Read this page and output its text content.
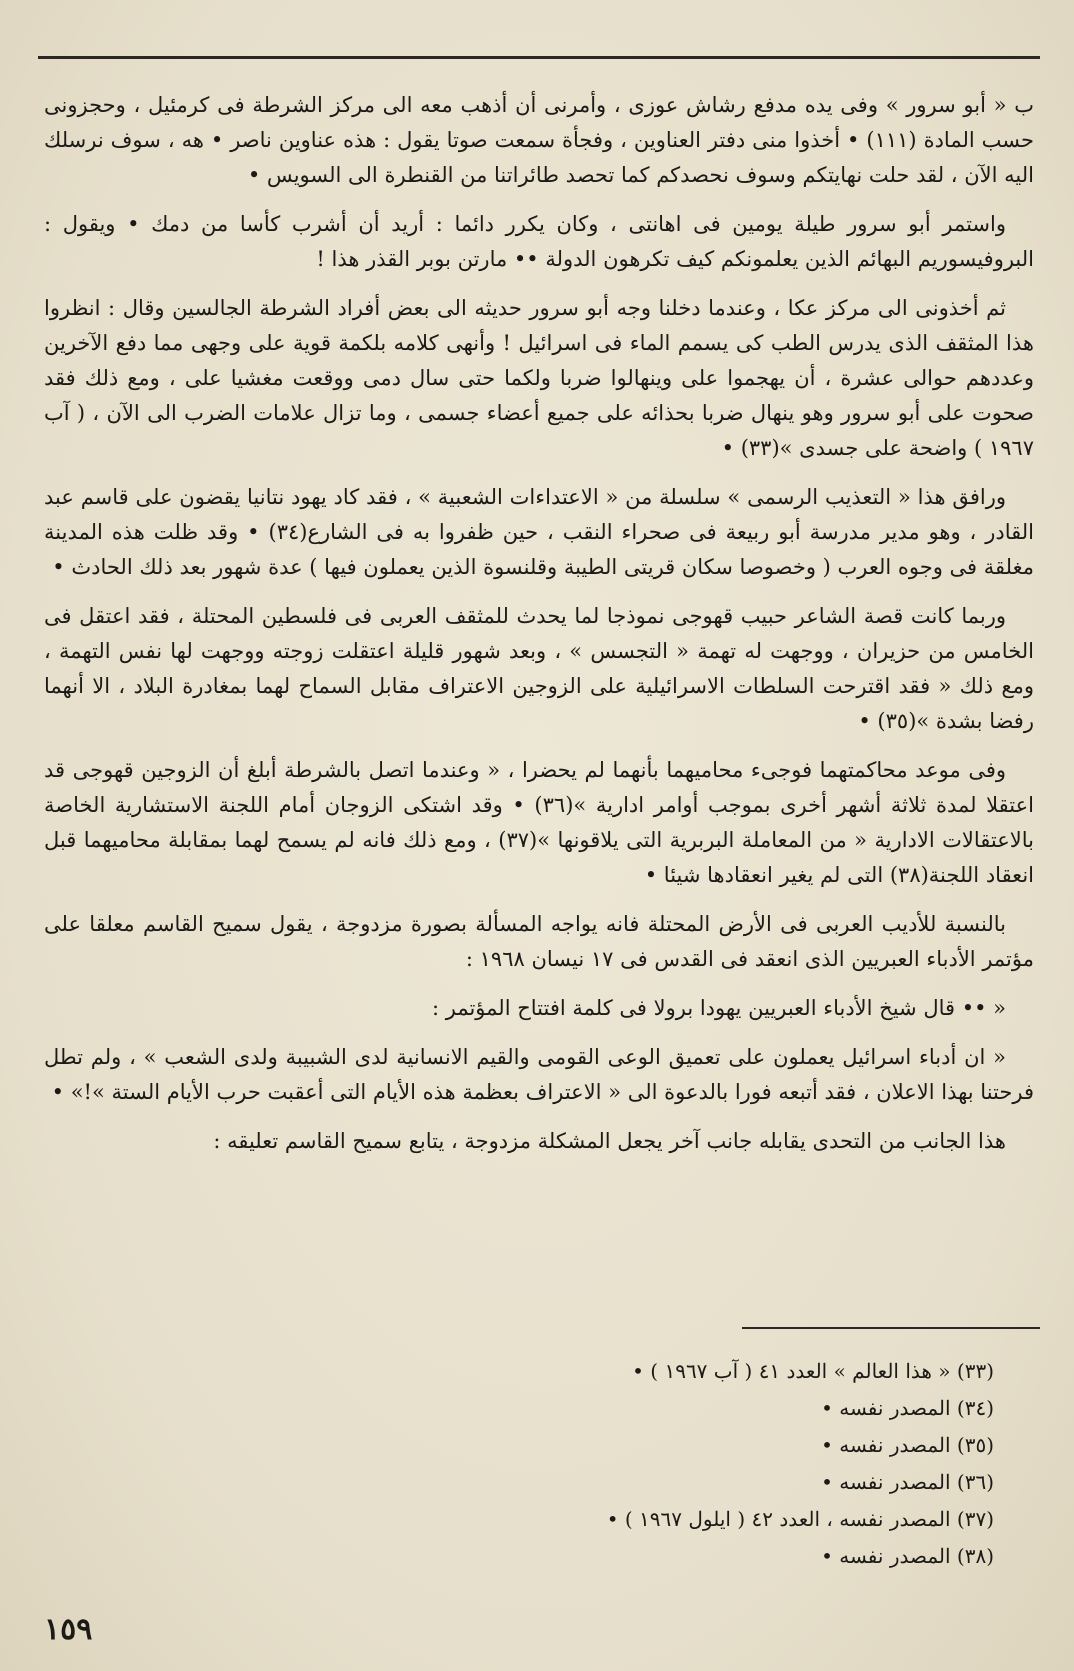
ب « أبو سرور » وفى يده مدفع رشاش عوزى ، وأمرنى أن أذهب معه الى مركز الشرطة فى كرمئيل ، وحجزونى حسب المادة (١١١) • أخذوا منى دفتر العناوين ، وفجأة سمعت صوتا يقول : هذه عناوين ناصر • هه ، سوف نرسلك اليه الآن ، لقد حلت نهايتكم وسوف نحصدكم كما تحصد طائراتنا من القنطرة الى السويس •

واستمر أبو سرور طيلة يومين فى اهانتى ، وكان يكرر دائما : أريد أن أشرب كأسا من دمك • ويقول : البروفيسوريم البهائم الذين يعلمونكم كيف تكرهون الدولة •• مارتن بوبر القذر هذا !

ثم أخذونى الى مركز عكا ، وعندما دخلنا وجه أبو سرور حديثه الى بعض أفراد الشرطة الجالسين وقال : انظروا هذا المثقف الذى يدرس الطب كى يسمم الماء فى اسرائيل ! وأنهى كلامه بلكمة قوية على وجهى مما دفع الآخرين وعددهم حوالى عشرة ، أن يهجموا على وينهالوا ضربا ولكما حتى سال دمى ووقعت مغشيا على ، ومع ذلك فقد صحوت على أبو سرور وهو ينهال ضربا بحذائه على جميع أعضاء جسمى ، وما تزال علامات الضرب الى الآن ، ( آب ١٩٦٧ ) واضحة على جسدى »(٣٣) •

ورافق هذا « التعذيب الرسمى » سلسلة من « الاعتداءات الشعبية » ، فقد كاد يهود نتانيا يقضون على قاسم عبد القادر ، وهو مدير مدرسة أبو ربيعة فى صحراء النقب ، حين ظفروا به فى الشارع(٣٤) • وقد ظلت هذه المدينة مغلقة فى وجوه العرب ( وخصوصا سكان قريتى الطيبة وقلنسوة الذين يعملون فيها ) عدة شهور بعد ذلك الحادث •

وربما كانت قصة الشاعر حبيب قهوجى نموذجا لما يحدث للمثقف العربى فى فلسطين المحتلة ، فقد اعتقل فى الخامس من حزيران ، ووجهت له تهمة « التجسس » ، وبعد شهور قليلة اعتقلت زوجته ووجهت لها نفس التهمة ، ومع ذلك « فقد اقترحت السلطات الاسرائيلية على الزوجين الاعتراف مقابل السماح لهما بمغادرة البلاد ، الا أنهما رفضا بشدة »(٣٥) •

وفى موعد محاكمتهما فوجىء محاميهما بأنهما لم يحضرا ، « وعندما اتصل بالشرطة أبلغ أن الزوجين قهوجى قد اعتقلا لمدة ثلاثة أشهر أخرى بموجب أوامر ادارية »(٣٦) • وقد اشتكى الزوجان أمام اللجنة الاستشارية الخاصة بالاعتقالات الادارية « من المعاملة البربرية التى يلاقونها »(٣٧) ، ومع ذلك فانه لم يسمح لهما بمقابلة محاميهما قبل انعقاد اللجنة(٣٨) التى لم يغير انعقادها شيئا •

بالنسبة للأديب العربى فى الأرض المحتلة فانه يواجه المسألة بصورة مزدوجة ، يقول سميح القاسم معلقا على مؤتمر الأدباء العبريين الذى انعقد فى القدس فى ١٧ نيسان ١٩٦٨ :

« •• قال شيخ الأدباء العبريين يهودا برولا فى كلمة افتتاح المؤتمر :

« ان أدباء اسرائيل يعملون على تعميق الوعى القومى والقيم الانسانية لدى الشبيبة ولدى الشعب » ، ولم تطل فرحتنا بهذا الاعلان ، فقد أتبعه فورا بالدعوة الى « الاعتراف بعظمة هذه الأيام التى أعقبت حرب الأيام الستة »!» •

هذا الجانب من التحدى يقابله جانب آخر يجعل المشكلة مزدوجة ، يتابع سميح القاسم تعليقه :

(٣٣) « هذا العالم » العدد ٤١ ( آب ١٩٦٧ ) •

(٣٤) المصدر نفسه •

(٣٥) المصدر نفسه •

(٣٦) المصدر نفسه •

(٣٧) المصدر نفسه ، العدد ٤٢ ( ايلول ١٩٦٧ ) •

(٣٨) المصدر نفسه •

١٥٩
